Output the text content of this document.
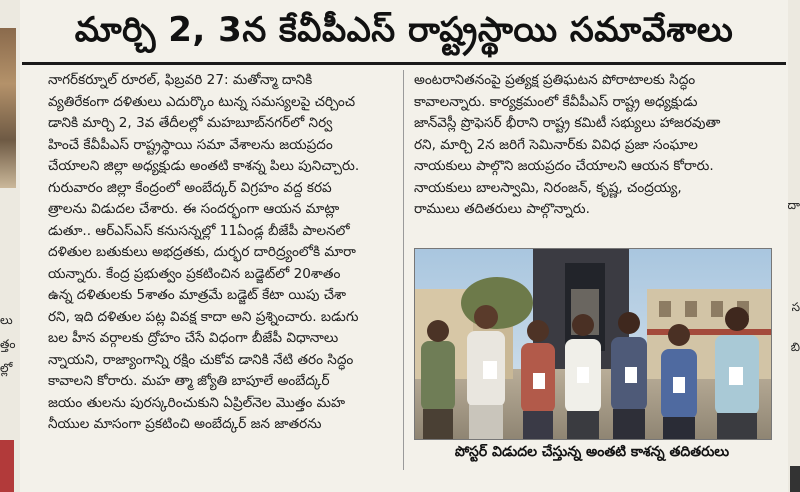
లు
త్తం
ల్లో
దా
స
బి
మార్చి 2, 3న కేవీపీఎస్ రాష్ట్రస్థాయి సమావేశాలు
నాగర్‌కర్నూల్ రూరల్, ఫిబ్రవరి 27: మతోన్మా దానికి
వ్యతిరేకంగా దళితులు ఎదుర్కొం టున్న సమస్యలపై చర్చించ
డానికి మార్చి 2, 3వ తేదీలల్లో మహబూబ్‌నగర్‌లో నిర్వ
హించే కేవీపీఎస్ రాష్ట్రస్థాయి సమా వేశాలను జయప్రదం
చేయాలని జిల్లా అధ్యక్షుడు అంతటి కాశన్న పిలు పునిచ్చారు.
గురువారం జిల్లా కేంద్రంలో అంబేద్కర్ విగ్రహం వద్ద కరప
త్రాలను విడుదల చేశారు. ఈ సందర్భంగా ఆయన మాట్లా
డుతూ.. ఆర్ఎస్ఎస్ కనుసన్నల్లో 11ఏండ్ల బీజేపీ పాలనలో
దళితుల బతుకులు అభద్రతకు, దుర్భర దారిద్ర్యంలోకి మారా
యన్నారు. కేంద్ర ప్రభుత్వం ప్రకటించిన బడ్జెట్‌లో 20శాతం
ఉన్న దళితులకు 5శాతం మాత్రమే బడ్జెట్ కేటా యిపు చేశా
రని, ఇది దళితుల పట్ల వివక్ష కాదా అని ప్రశ్నించారు. బడుగు
బల హీన వర్గాలకు ద్రోహం చేసే విధంగా బీజేపీ విధానాలు
న్నాయని, రాజ్యాంగాన్ని రక్షిం చుకోవ డానికి నేటి తరం సిద్ధం
కావాలని కోరారు. మహ త్మా జ్యోతి బాపూలే అంబేద్కర్
జయం తులను పురస్కరించుకుని ఏప్రిల్‌నెల మొత్తం మహ
నీయుల మాసంగా ప్రకటించి అంబేద్కర్ జన జాతరను
అంటరానితనంపై ప్రత్యక్ష ప్రతిఘటన పోరాటాలకు సిద్ధం
కావాలన్నారు. కార్యక్రమంలో కేవీపీఎస్ రాష్ట్ర అధ్యక్షుడు
జాన్‌వెస్లీ ప్రొఫెసర్ భీరాని రాష్ట్ర కమిటీ సభ్యులు హాజరవుతా
రని, మార్చి 2న జరిగే సెమినార్‌కు వివిధ ప్రజా సంఘాల
నాయకులు పాల్గొని జయప్రదం చేయాలని ఆయన కోరారు.
నాయకులు బాలస్వామి, నిరంజన్, కృష్ణ, చంద్రయ్య,
రాములు తదితరులు పాల్గొన్నారు.
పోస్టర్ విడుదల చేస్తున్న అంతటి కాశన్న తదితరులు
